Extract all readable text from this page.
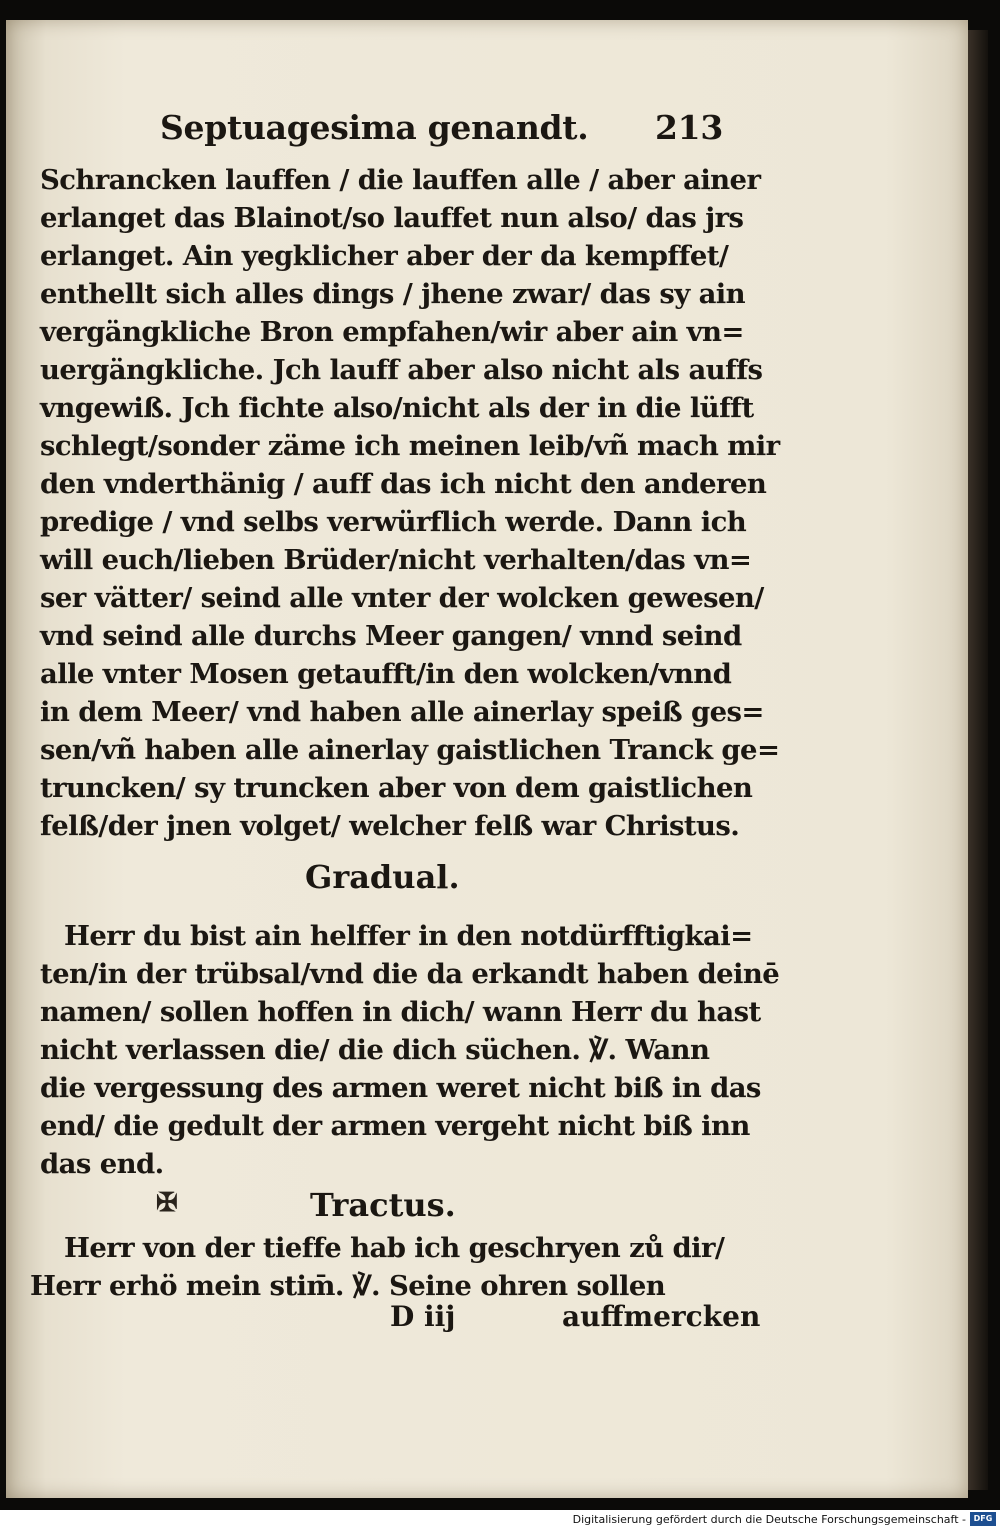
Septuagesima genandt. 213
Schrancken lauffen / die lauffen alle / aber ainer
erlanget das Blainot/so lauffet nun also/ das jrs
erlanget. Ain yegklicher aber der da kempffet/
enthellt sich alles dings / jhene zwar/ das sy ain
vergängkliche Bron empfahen/wir aber ain vn=
uergängkliche. Jch lauff aber also nicht als auffs
vngewiß. Jch fichte also/nicht als der in die lüfft
schlegt/sonder zäme ich meinen leib/vñ mach mir
den vnderthänig / auff das ich nicht den anderen
predige / vnd selbs verwürflich werde. Dann ich
will euch/lieben Brüder/nicht verhalten/das vn=
ser vätter/ seind alle vnter der wolcken gewesen/
vnd seind alle durchs Meer gangen/ vnnd seind
alle vnter Mosen getaufft/in den wolcken/vnnd
in dem Meer/ vnd haben alle ainerlay speiß ges=
sen/vñ haben alle ainerlay gaistlichen Tranck ge=
truncken/ sy truncken aber von dem gaistlichen
felß/der jnen volget/ welcher felß war Christus.
Gradual.
Herr du bist ain helffer in den notdürfftigkai=
ten/in der trübsal/vnd die da erkandt haben deinē
namen/ sollen hoffen in dich/ wann Herr du hast
nicht verlassen die/ die dich süchen. ℣. Wann
die vergessung des armen weret nicht biß in das
end/ die gedult der armen vergeht nicht biß inn
das end.
✠	Tractus.
Herr von der tieffe hab ich geschryen zů dir/
Herr erhö mein stim̄. ℣. Seine ohren sollen
D iij	auffmercken
Digitalisierung gefördert durch die Deutsche Forschungsgemeinschaft - DFG
